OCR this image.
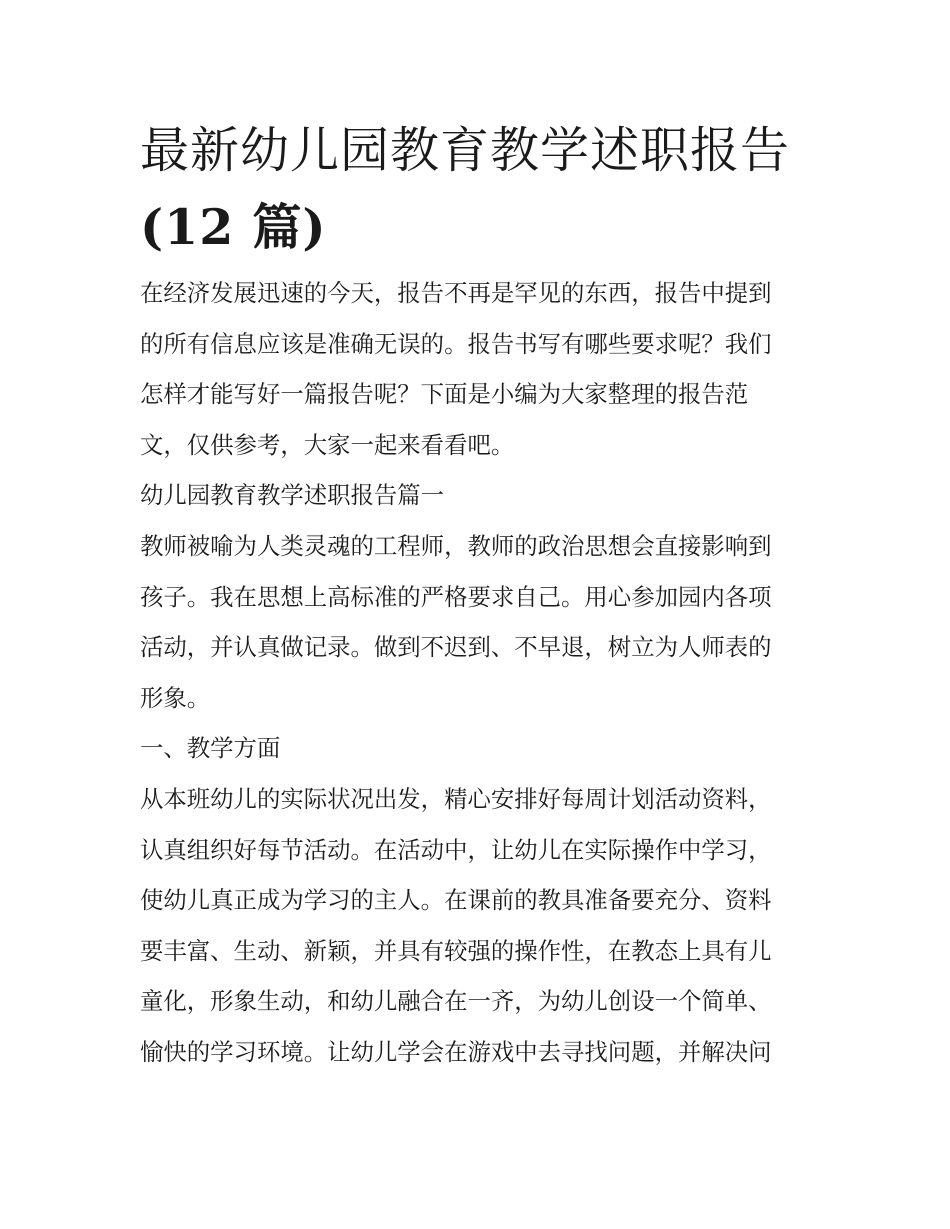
最新幼儿园教育教学述职报告
(12 篇)

在经济发展迅速的今天，报告不再是罕见的东西，报告中提到
的所有信息应该是准确无误的。报告书写有哪些要求呢？我们
怎样才能写好一篇报告呢？下面是小编为大家整理的报告范
文，仅供参考，大家一起来看看吧。

幼儿园教育教学述职报告篇一

教师被喻为人类灵魂的工程师，教师的政治思想会直接影响到
孩子。我在思想上高标准的严格要求自己。用心参加园内各项
活动，并认真做记录。做到不迟到、不早退，树立为人师表的
形象。

一、教学方面

从本班幼儿的实际状况出发，精心安排好每周计划活动资料，
认真组织好每节活动。在活动中，让幼儿在实际操作中学习，
使幼儿真正成为学习的主人。在课前的教具准备要充分、资料
要丰富、生动、新颖，并具有较强的操作性，在教态上具有儿
童化，形象生动，和幼儿融合在一齐，为幼儿创设一个简单、
愉快的学习环境。让幼儿学会在游戏中去寻找问题，并解决问
